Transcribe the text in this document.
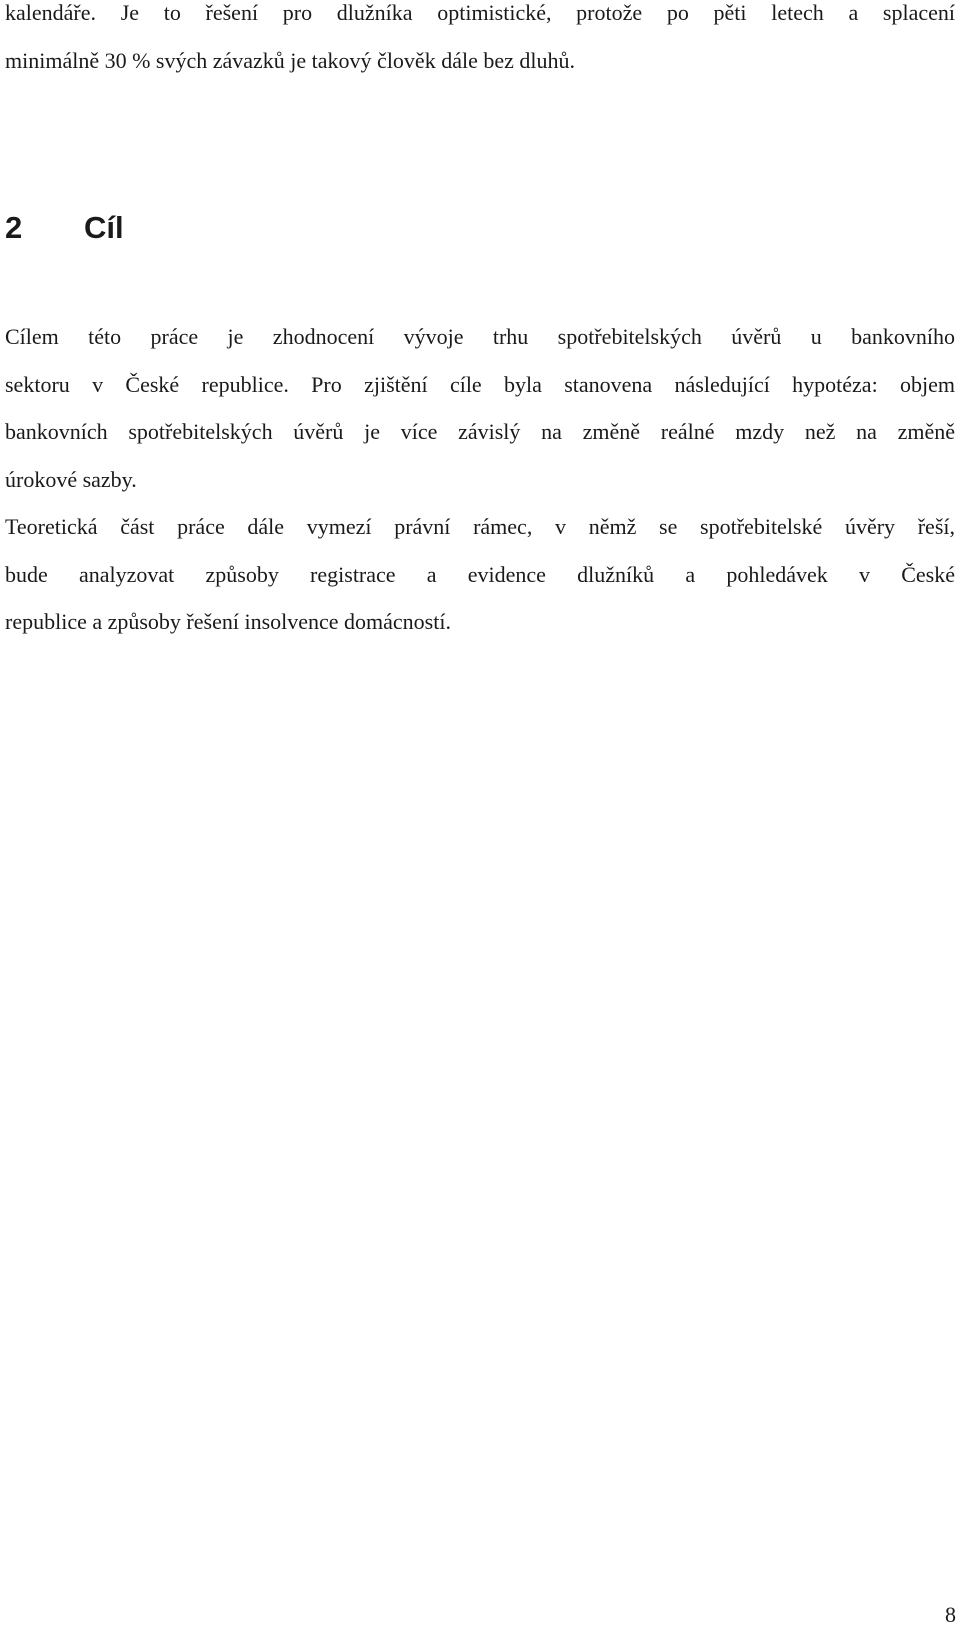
kalendáře. Je to řešení pro dlužníka optimistické, protože po pěti letech a splacení
minimálně 30 % svých závazků je takový člověk dále bez dluhů.
2 Cíl
Cílem této práce je zhodnocení vývoje trhu spotřebitelských úvěrů u bankovního
sektoru v České republice. Pro zjištění cíle byla stanovena následující hypotéza: objem
bankovních spotřebitelských úvěrů je více závislý na změně reálné mzdy než na změně
úrokové sazby.
Teoretická část práce dále vymezí právní rámec, v němž se spotřebitelské úvěry řeší,
bude analyzovat způsoby registrace a evidence dlužníků a pohledávek v České
republice a způsoby řešení insolvence domácností.
8
